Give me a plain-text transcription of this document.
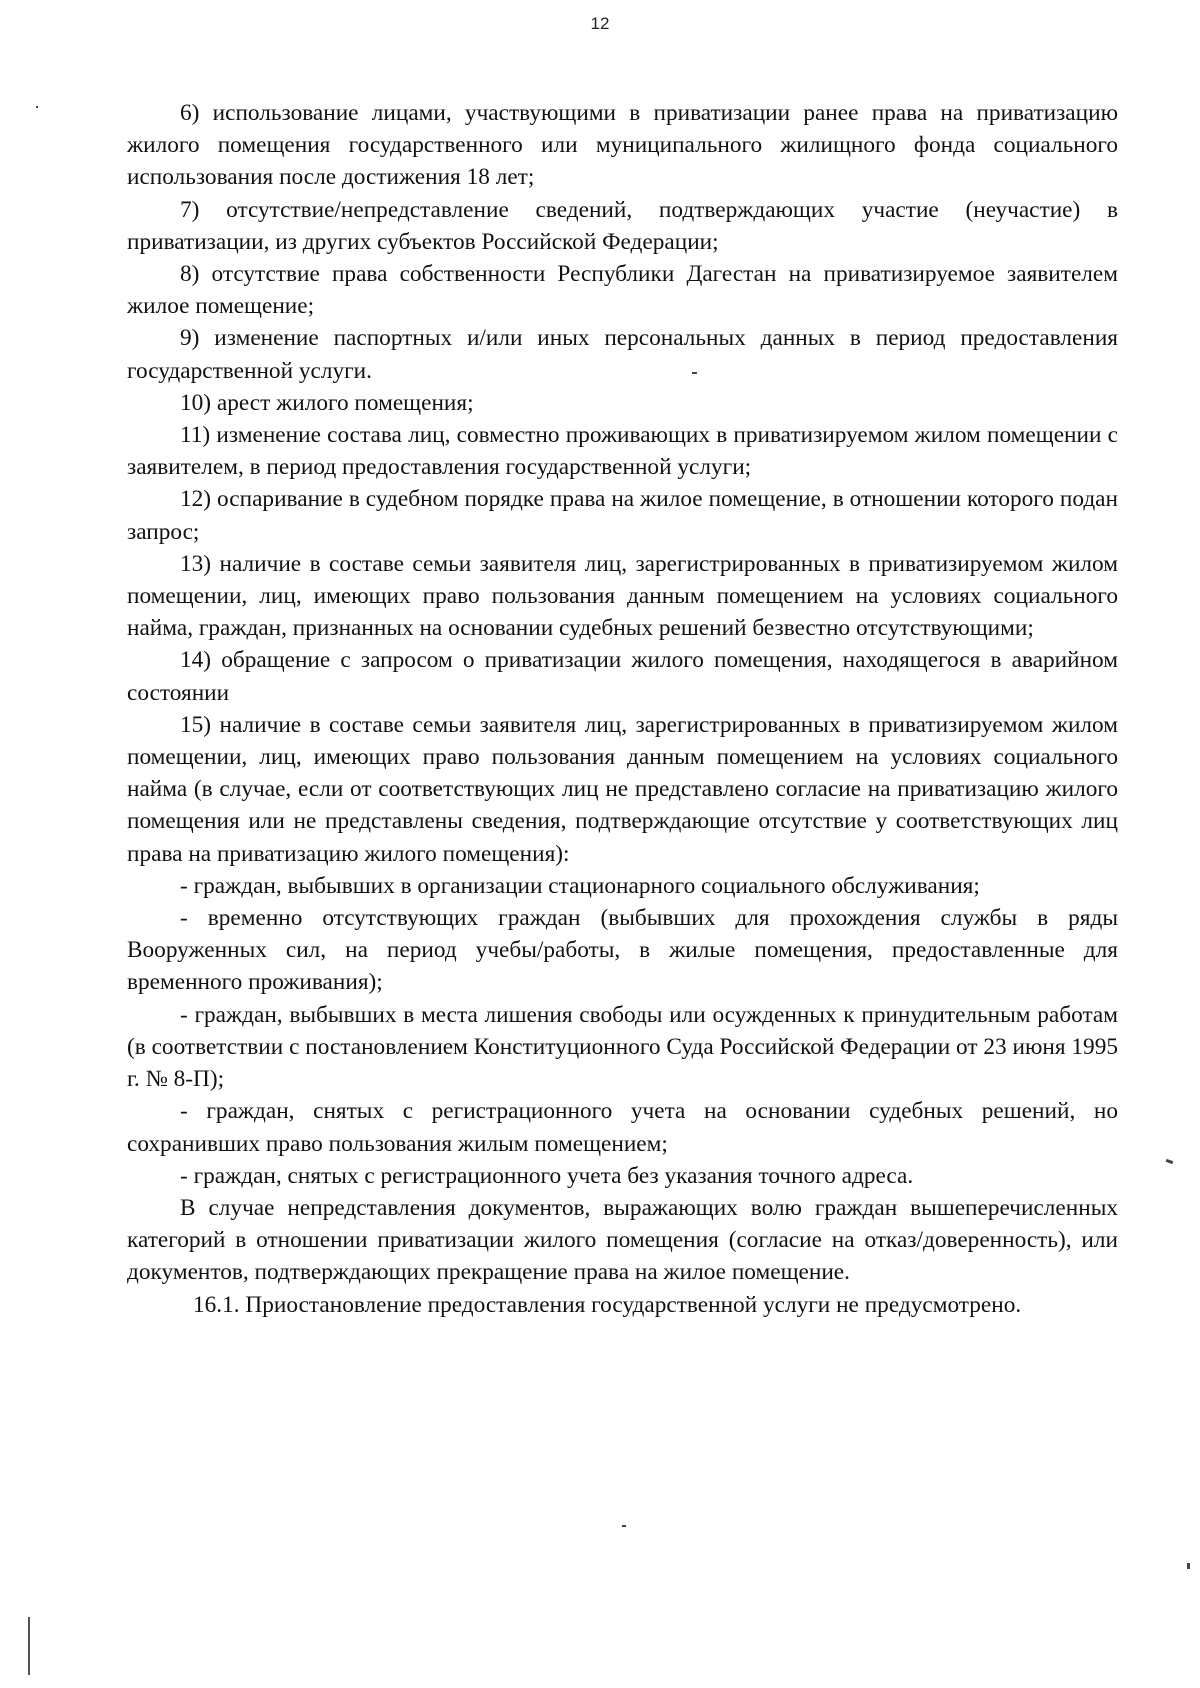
12

6) использование лицами, участвующими в приватизации ранее права на приватизацию жилого помещения государственного или муниципального жилищного фонда социального использования после достижения 18 лет;

7) отсутствие/непредставление сведений, подтверждающих участие (неучастие) в приватизации, из других субъектов Российской Федерации;

8) отсутствие права собственности Республики Дагестан на приватизируемое заявителем жилое помещение;

9) изменение паспортных и/или иных персональных данных в период предоставления государственной услуги.

10) арест жилого помещения;

11) изменение состава лиц, совместно проживающих в приватизируемом жилом помещении с заявителем, в период предоставления государственной услуги;

12) оспаривание в судебном порядке права на жилое помещение, в отношении которого подан запрос;

13) наличие в составе семьи заявителя лиц, зарегистрированных в приватизируемом жилом помещении, лиц, имеющих право пользования данным помещением на условиях социального найма, граждан, признанных на основании судебных решений безвестно отсутствующими;

14) обращение с запросом о приватизации жилого помещения, находящегося в аварийном состоянии

15) наличие в составе семьи заявителя лиц, зарегистрированных в приватизируемом жилом помещении, лиц, имеющих право пользования данным помещением на условиях социального найма (в случае, если от соответствующих лиц не представлено согласие на приватизацию жилого помещения или не представлены сведения, подтверждающие отсутствие у соответствующих лиц права на приватизацию жилого помещения):

- граждан, выбывших в организации стационарного социального обслуживания;

- временно отсутствующих граждан (выбывших для прохождения службы в ряды Вооруженных сил, на период учебы/работы, в жилые помещения, предоставленные для временного проживания);

- граждан, выбывших в места лишения свободы или осужденных к принудительным работам (в соответствии с постановлением Конституционного Суда Российской Федерации от 23 июня 1995 г. № 8-П);

- граждан, снятых с регистрационного учета на основании судебных решений, но сохранивших право пользования жилым помещением;

- граждан, снятых с регистрационного учета без указания точного адреса.

В случае непредставления документов, выражающих волю граждан вышеперечисленных категорий в отношении приватизации жилого помещения (согласие на отказ/доверенность), или документов, подтверждающих прекращение права на жилое помещение.

16.1. Приостановление предоставления государственной услуги не предусмотрено.
